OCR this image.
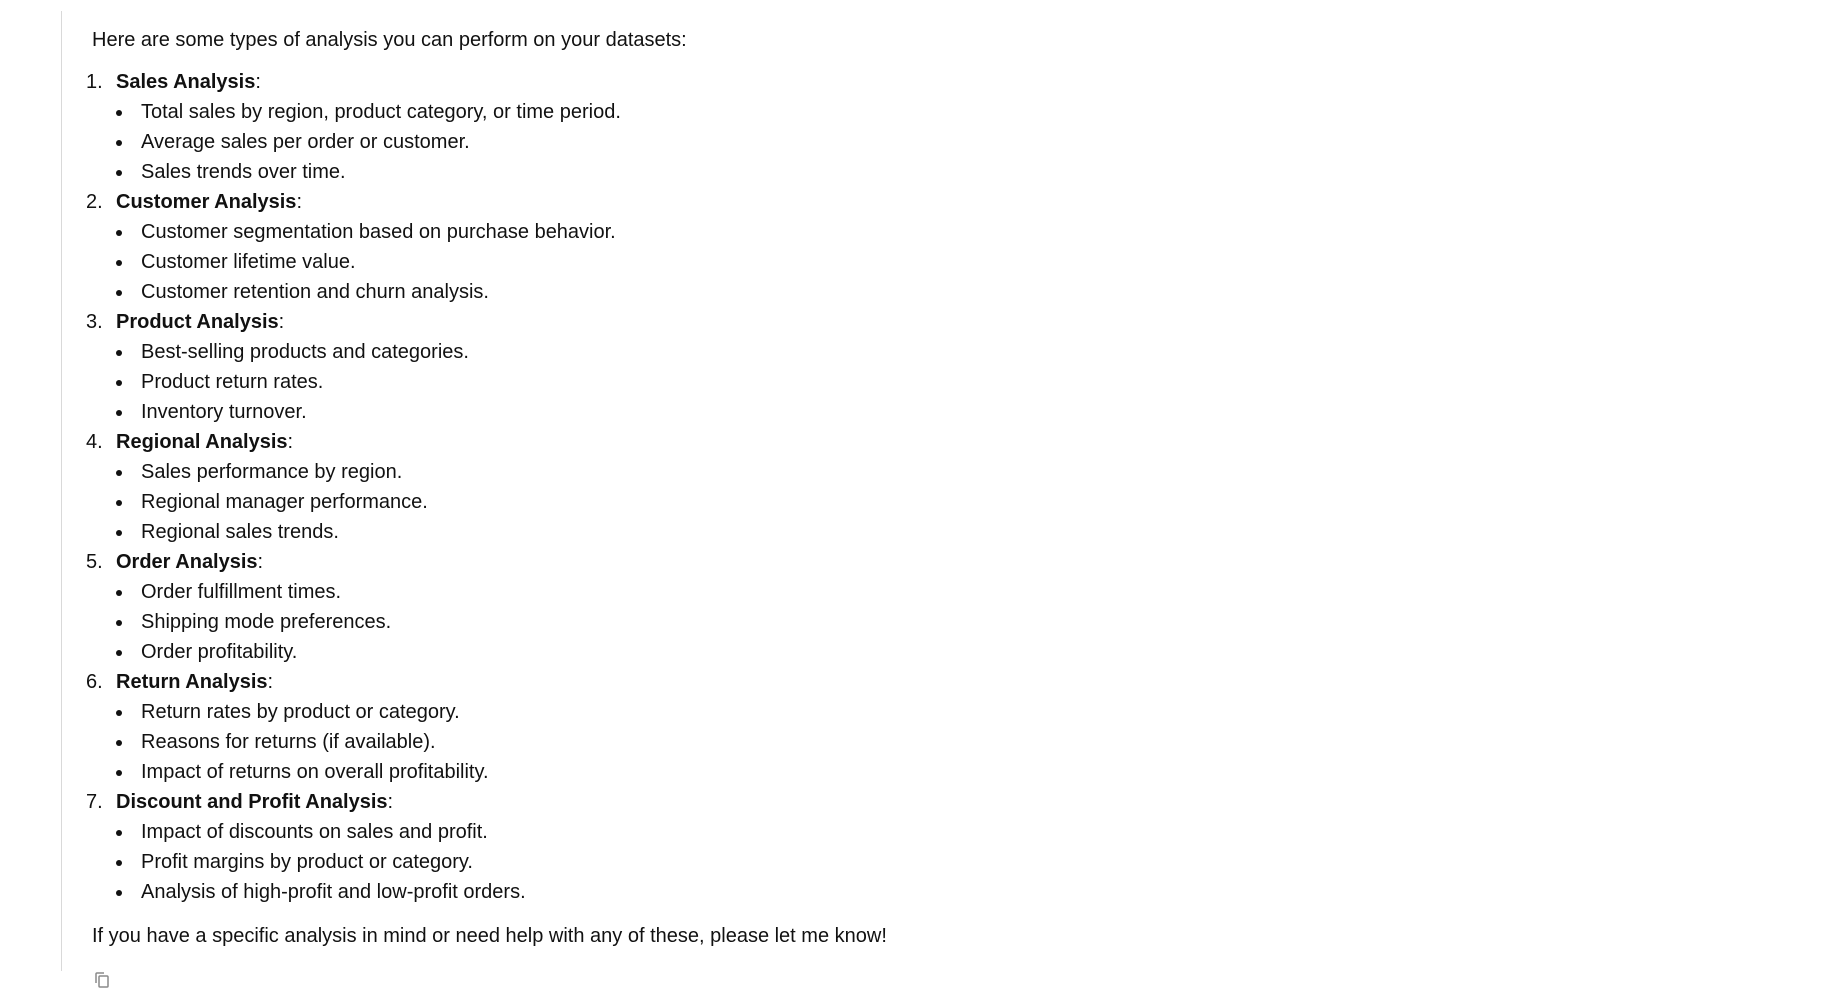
Here are some types of analysis you can perform on your datasets:

1. Sales Analysis:
Total sales by region, product category, or time period.
Average sales per order or customer.
Sales trends over time.
2. Customer Analysis:
Customer segmentation based on purchase behavior.
Customer lifetime value.
Customer retention and churn analysis.
3. Product Analysis:
Best-selling products and categories.
Product return rates.
Inventory turnover.
4. Regional Analysis:
Sales performance by region.
Regional manager performance.
Regional sales trends.
5. Order Analysis:
Order fulfillment times.
Shipping mode preferences.
Order profitability.
6. Return Analysis:
Return rates by product or category.
Reasons for returns (if available).
Impact of returns on overall profitability.
7. Discount and Profit Analysis:
Impact of discounts on sales and profit.
Profit margins by product or category.
Analysis of high-profit and low-profit orders.

If you have a specific analysis in mind or need help with any of these, please let me know!
